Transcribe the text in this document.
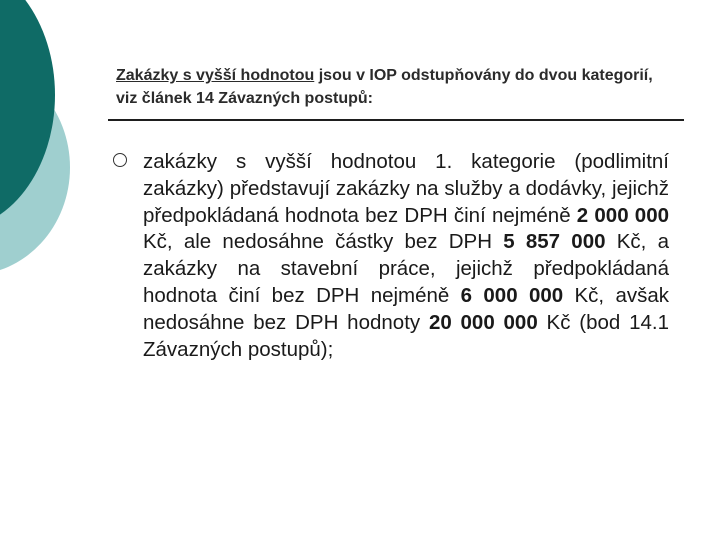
Zakázky s vyšší hodnotou jsou v IOP odstupňovány do dvou kategorií, viz článek 14 Závazných postupů:
zakázky s vyšší hodnotou 1. kategorie (podlimitní zakázky) představují zakázky na služby a dodávky, jejichž předpokládaná hodnota bez DPH činí nejméně 2 000 000 Kč, ale nedosáhne částky bez DPH 5 857 000 Kč, a zakázky na stavební práce, jejichž předpokládaná hodnota činí bez DPH nejméně 6 000 000 Kč, avšak nedosáhne bez DPH hodnoty 20 000 000 Kč (bod 14.1 Závazných postupů);
